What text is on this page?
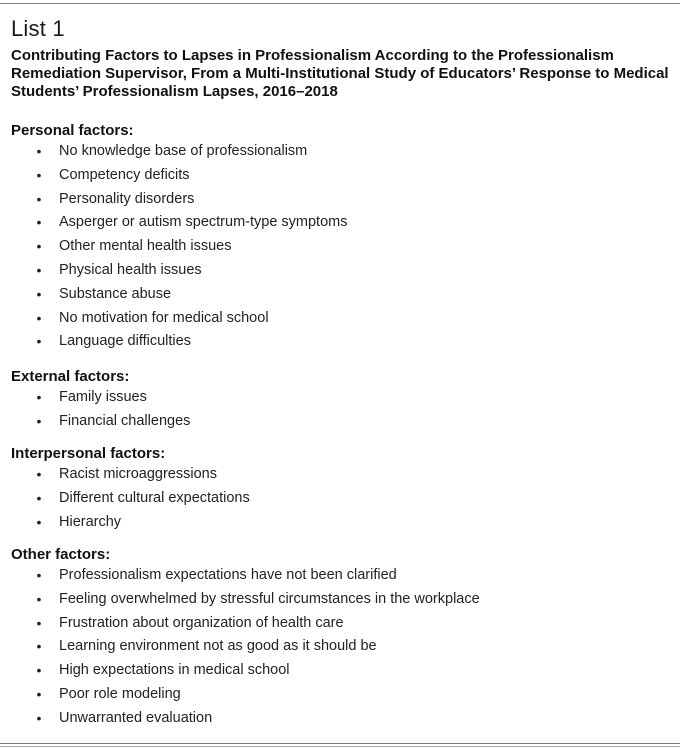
List 1
Contributing Factors to Lapses in Professionalism According to the Professionalism Remediation Supervisor, From a Multi-Institutional Study of Educators’ Response to Medical Students’ Professionalism Lapses, 2016–2018

Personal factors:

• No knowledge base of professionalism
• Competency deficits
• Personality disorders
• Asperger or autism spectrum-type symptoms
• Other mental health issues
• Physical health issues
• Substance abuse
• No motivation for medical school
• Language difficulties

External factors:

• Family issues
• Financial challenges

Interpersonal factors:

• Racist microaggressions
• Different cultural expectations
• Hierarchy

Other factors:

• Professionalism expectations have not been clarified
• Feeling overwhelmed by stressful circumstances in the workplace
• Frustration about organization of health care
• Learning environment not as good as it should be
• High expectations in medical school
• Poor role modeling
• Unwarranted evaluation
